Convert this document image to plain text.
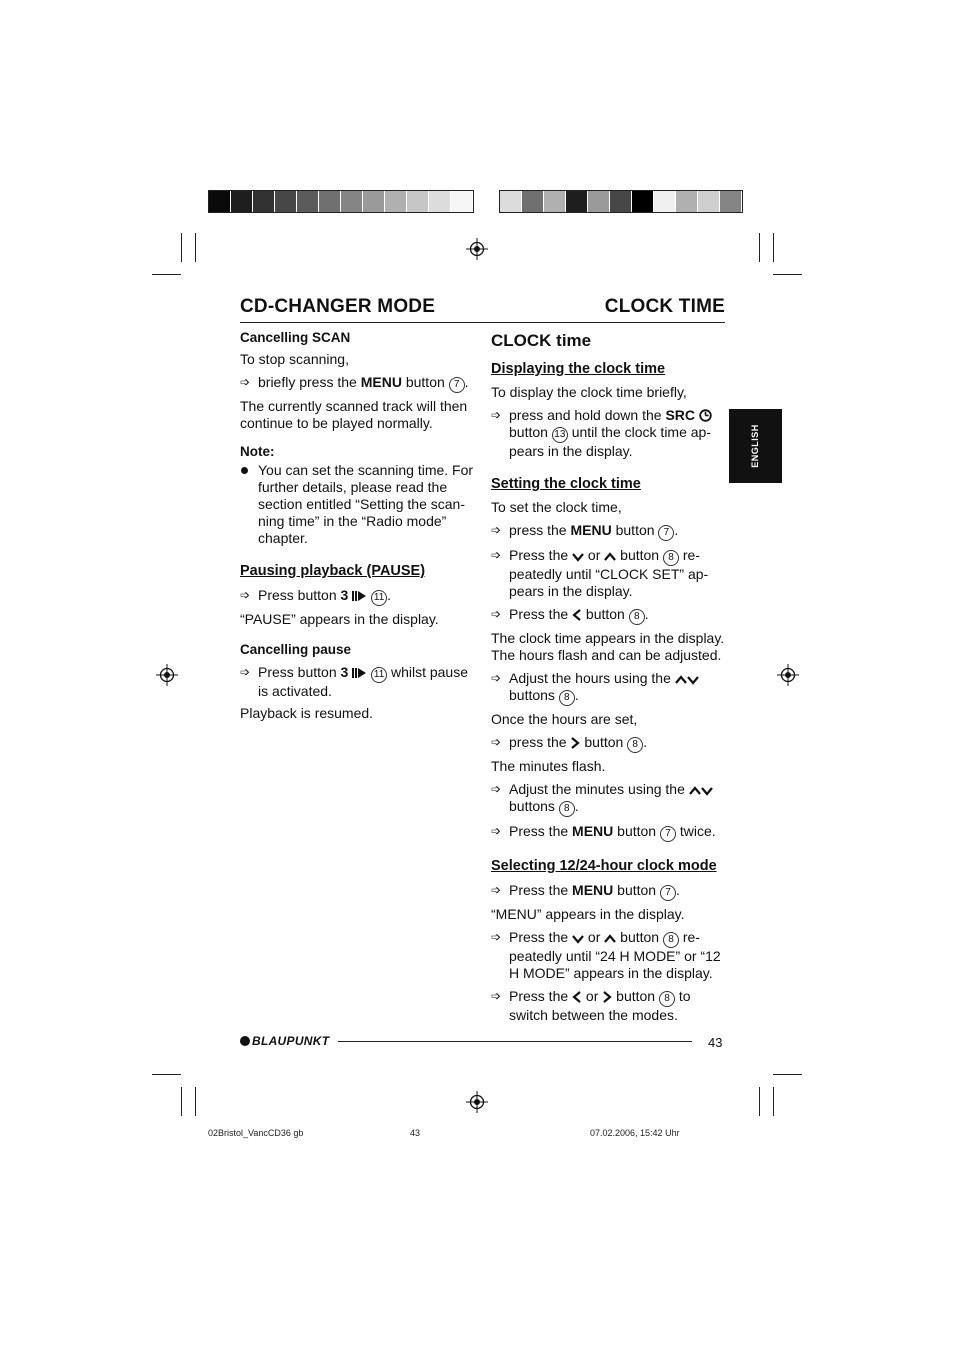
CD-CHANGER MODE	CLOCK TIME
Cancelling SCAN

To stop scanning,

➩ briefly press the MENU button 7 .

The currently scanned track will then continue to be played normally.

Note:
You can set the scanning time. For further details, please read the section entitled “Setting the scan-ning time” in the “Radio mode” chapter.
Pausing playback (PAUSE)
➩ Press button 3	11 .

“PAUSE” appears in the display.

Cancelling pause
➩ Press button 3	11 whilst pause is activated.

Playback is resumed.

CLOCK time
Displaying the clock time

To display the clock time briefly,

➩ press and hold down the SRC  button 13 until the clock time ap-pears in the display.
Setting the clock time

To set the clock time,

➩ press the MENU button 7 .
➩ Press the  or  button 8 re-peatedly until “CLOCK SET” ap-pears in the display.
➩ Press the  button 8 .

The clock time appears in the display. The hours flash and can be adjusted.

➩ Adjust the hours using the  buttons 8 .

Once the hours are set,

➩ press the  button 8 .

The minutes flash.

➩ Adjust the minutes using the  buttons 8 .
➩ Press the MENU button 7 twice.
Selecting 12/24-hour clock mode
➩ Press the MENU button 7 .

“MENU” appears in the display.

➩ Press the  or  button 8 re-peatedly until “24 H MODE” or “12 H MODE” appears in the display.
➩ Press the  or  button 8 to switch between the modes.
ENGLISH
BLAUPUNKT	43
02Bristol_VancCD36 gb	43	07.02.2006, 15:42 Uhr
